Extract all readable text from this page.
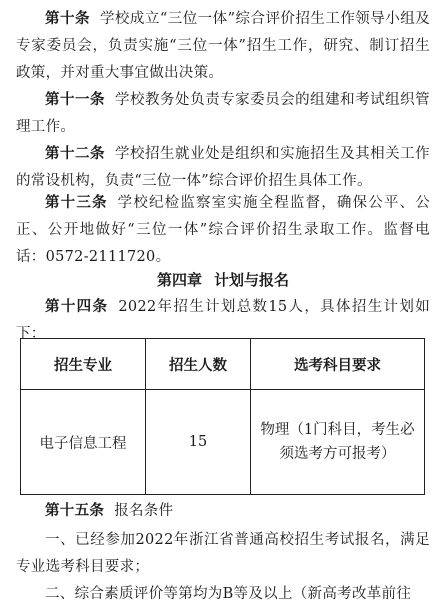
第十条 学校成立“三位一体”综合评价招生工作领导小组及专家委员会，负责实施“三位一体”招生工作，研究、制订招生政策，并对重大事宜做出决策。

第十一条 学校教务处负责专家委员会的组建和考试组织管理工作。

第十二条 学校招生就业处是组织和实施招生及其相关工作的常设机构，负责“三位一体”综合评价招生具体工作。

第十三条 学校纪检监察室实施全程监督，确保公平、公正、公开地做好“三位一体”综合评价招生录取工作。监督电话：0572-2111720。

第四章 计划与报名

第十四条 2022年招生计划总数15人，具体招生计划如下：

招生专业	招生人数	选考科目要求
电子信息工程	15	物理（1门科目，考生必须选考方可报考）

第十五条 报名条件

一、已经参加2022年浙江省普通高校招生考试报名，满足专业选考科目要求；

二、综合素质评价等第均为B等及以上（新高考改革前往
